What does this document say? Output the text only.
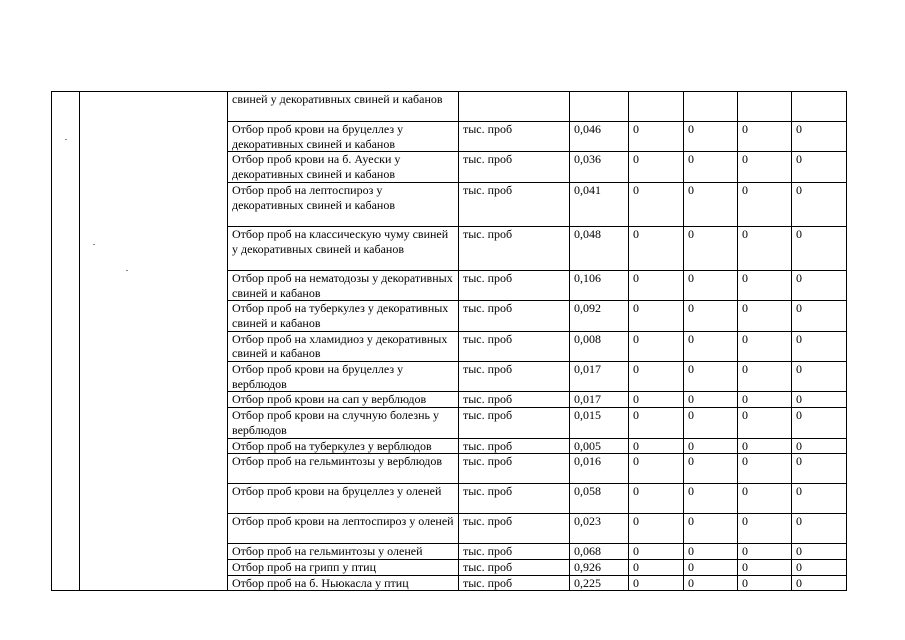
		свиней у декоративных свиней и кабанов						
		Отбор проб крови на бруцеллез у декоративных свиней и кабанов	тыс. проб	0,046	0	0	0	0
		Отбор проб крови на б. Ауески у декоративных свиней и кабанов	тыс. проб	0,036	0	0	0	0
		Отбор проб на лептоспироз у декоративных свиней и кабанов	тыс. проб	0,041	0	0	0	0
		Отбор проб на классическую чуму свиней у декоративных свиней и кабанов	тыс. проб	0,048	0	0	0	0
		Отбор проб на нематодозы у декоративных свиней и кабанов	тыс. проб	0,106	0	0	0	0
		Отбор проб на туберкулез у декоративных свиней и кабанов	тыс. проб	0,092	0	0	0	0
		Отбор проб на хламидиоз у декоративных свиней и кабанов	тыс. проб	0,008	0	0	0	0
		Отбор проб крови на бруцеллез у верблюдов	тыс. проб	0,017	0	0	0	0
		Отбор проб крови на сап у верблюдов	тыс. проб	0,017	0	0	0	0
		Отбор проб крови на случную болезнь у верблюдов	тыс. проб	0,015	0	0	0	0
		Отбор проб на туберкулез у верблюдов	тыс. проб	0,005	0	0	0	0
		Отбор проб на гельминтозы у верблюдов	тыс. проб	0,016	0	0	0	0
		Отбор проб крови на бруцеллез у оленей	тыс. проб	0,058	0	0	0	0
		Отбор проб крови на лептоспироз у оленей	тыс. проб	0,023	0	0	0	0
		Отбор проб на гельминтозы у оленей	тыс. проб	0,068	0	0	0	0
		Отбор проб на грипп у птиц	тыс. проб	0,926	0	0	0	0
		Отбор проб на б. Ньюкасла у птиц	тыс. проб	0,225	0	0	0	0
